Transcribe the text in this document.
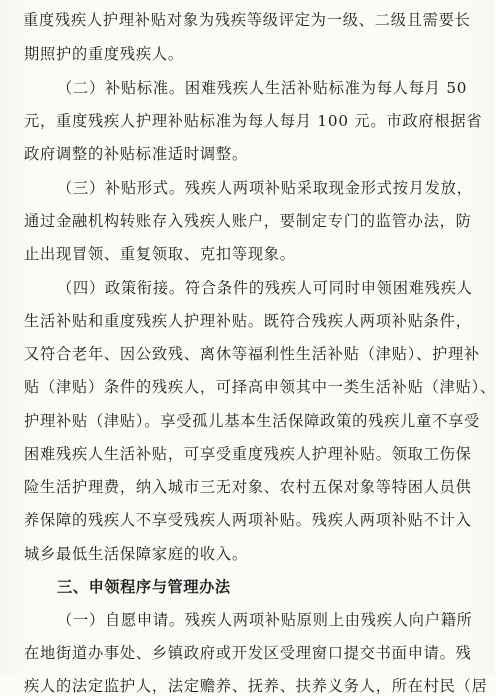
重度残疾人护理补贴对象为残疾等级评定为一级、二级且需要长
期照护的重度残疾人。
（二）补贴标准。困难残疾人生活补贴标准为每人每月 50
元，重度残疾人护理补贴标准为每人每月 100 元。市政府根据省
政府调整的补贴标准适时调整。
（三）补贴形式。残疾人两项补贴采取现金形式按月发放，
通过金融机构转账存入残疾人账户，要制定专门的监管办法，防
止出现冒领、重复领取、克扣等现象。
（四）政策衔接。符合条件的残疾人可同时申领困难残疾人
生活补贴和重度残疾人护理补贴。既符合残疾人两项补贴条件，
又符合老年、因公致残、离休等福利性生活补贴（津贴）、护理补
贴（津贴）条件的残疾人，可择高申领其中一类生活补贴（津贴）、
护理补贴（津贴）。享受孤儿基本生活保障政策的残疾儿童不享受
困难残疾人生活补贴，可享受重度残疾人护理补贴。领取工伤保
险生活护理费，纳入城市三无对象、农村五保对象等特困人员供
养保障的残疾人不享受残疾人两项补贴。残疾人两项补贴不计入
城乡最低生活保障家庭的收入。
三、申领程序与管理办法
（一）自愿申请。残疾人两项补贴原则上由残疾人向户籍所
在地街道办事处、乡镇政府或开发区受理窗口提交书面申请。残
疾人的法定监护人，法定赡养、抚养、扶养义务人，所在村民（居
